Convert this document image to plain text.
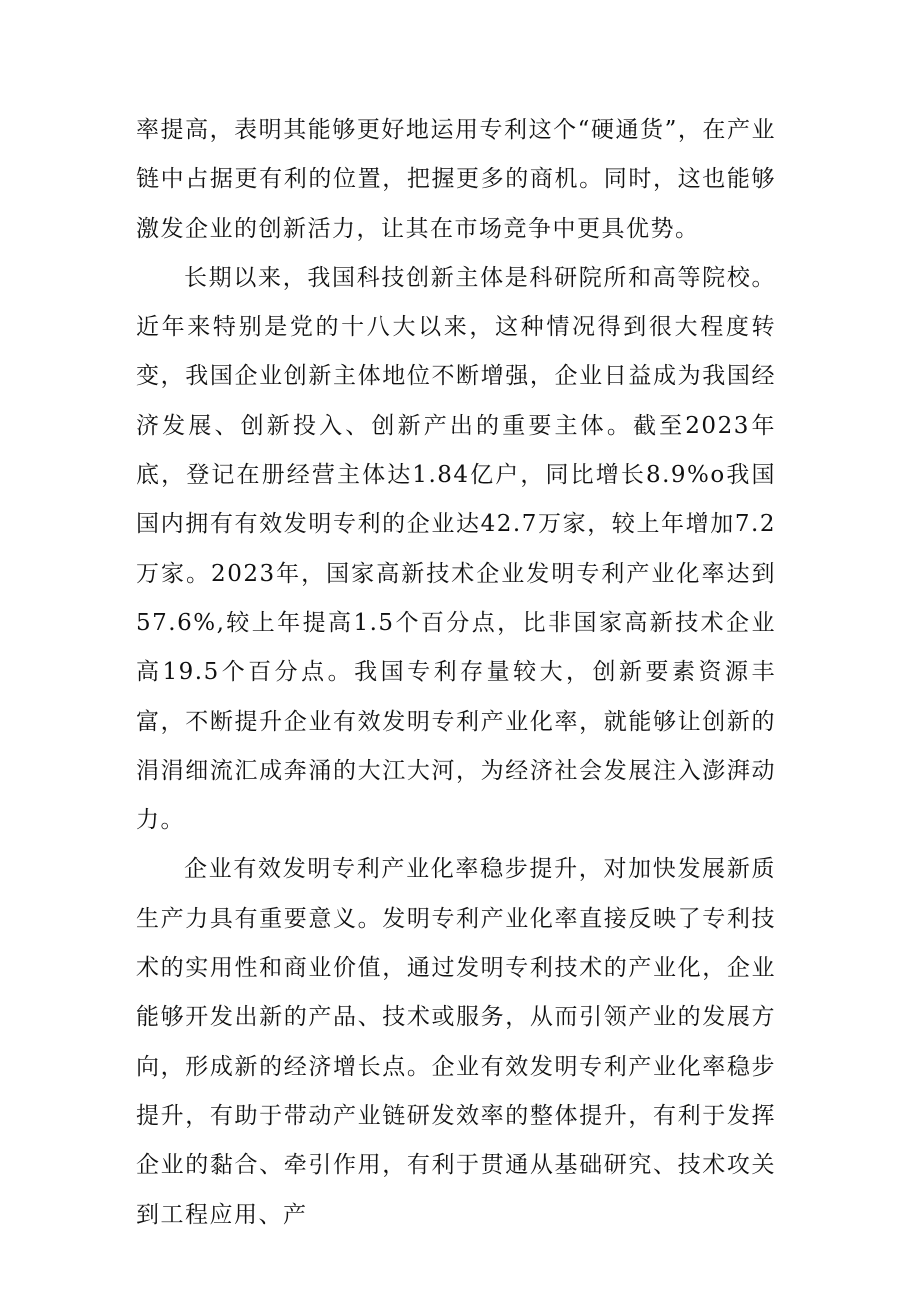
率提高，表明其能够更好地运用专利这个“硬通货”，在产业链中占据更有利的位置，把握更多的商机。同时，这也能够激发企业的创新活力，让其在市场竞争中更具优势。

长期以来，我国科技创新主体是科研院所和高等院校。近年来特别是党的十八大以来，这种情况得到很大程度转变，我国企业创新主体地位不断增强，企业日益成为我国经济发展、创新投入、创新产出的重要主体。截至2023年底，登记在册经营主体达1.84亿户，同比增长8.9%o我国国内拥有有效发明专利的企业达42.7万家，较上年增加7.2万家。2023年，国家高新技术企业发明专利产业化率达到57.6%,较上年提高1.5个百分点，比非国家高新技术企业高19.5个百分点。我国专利存量较大，创新要素资源丰富，不断提升企业有效发明专利产业化率，就能够让创新的涓涓细流汇成奔涌的大江大河，为经济社会发展注入澎湃动力。

企业有效发明专利产业化率稳步提升，对加快发展新质生产力具有重要意义。发明专利产业化率直接反映了专利技术的实用性和商业价值，通过发明专利技术的产业化，企业能够开发出新的产品、技术或服务，从而引领产业的发展方向，形成新的经济增长点。企业有效发明专利产业化率稳步提升，有助于带动产业链研发效率的整体提升，有利于发挥企业的黏合、牵引作用，有利于贯通从基础研究、技术攻关到工程应用、产
